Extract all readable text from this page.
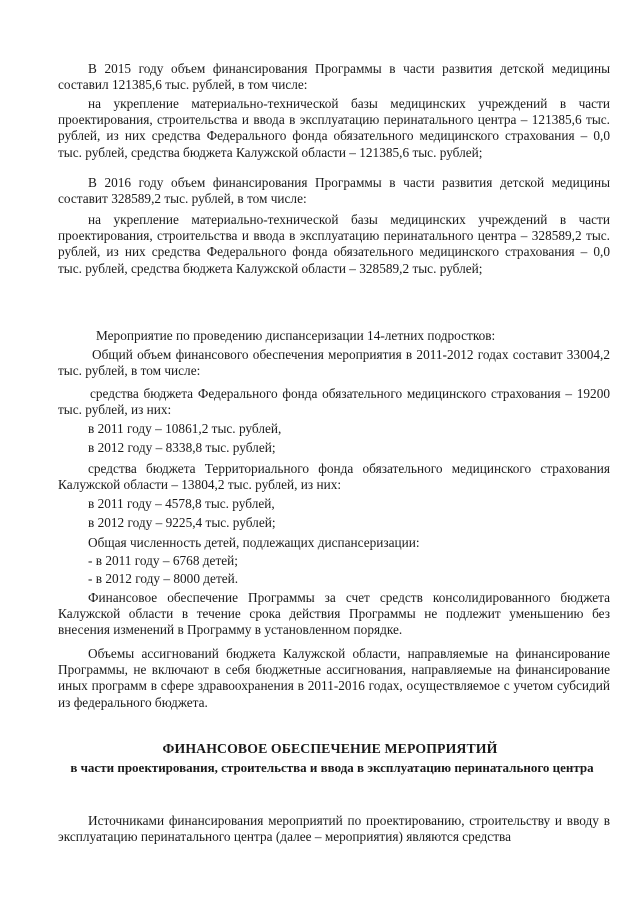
В 2015 году объем финансирования Программы в части развития детской медицины составил 121385,6 тыс. рублей, в том числе:

на укрепление материально-технической базы медицинских учреждений в части проектирования, строительства и ввода в эксплуатацию перинатального центра – 121385,6 тыс. рублей, из них средства Федерального фонда обязательного медицинского страхования – 0,0 тыс. рублей, средства бюджета Калужской области – 121385,6 тыс. рублей;

В 2016 году объем финансирования Программы в части развития детской медицины составит 328589,2 тыс. рублей, в том числе:

на укрепление материально-технической базы медицинских учреждений в части проектирования, строительства и ввода в эксплуатацию перинатального центра – 328589,2 тыс. рублей, из них средства Федерального фонда обязательного медицинского страхования – 0,0 тыс. рублей, средства бюджета Калужской области – 328589,2 тыс. рублей;

Мероприятие по проведению диспансеризации 14-летних подростков:

Общий объем финансового обеспечения мероприятия в 2011-2012 годах составит 33004,2 тыс. рублей, в том числе:

средства бюджета Федерального фонда обязательного медицинского страхования – 19200 тыс. рублей, из них:

в 2011 году – 10861,2 тыс. рублей,

в 2012 году – 8338,8 тыс. рублей;

средства бюджета Территориального фонда обязательного медицинского страхования Калужской области – 13804,2 тыс. рублей, из них:

в 2011 году – 4578,8 тыс. рублей,

в 2012 году – 9225,4 тыс. рублей;

Общая численность детей, подлежащих диспансеризации:

- в 2011 году – 6768 детей;

- в 2012 году – 8000 детей.

Финансовое обеспечение Программы за счет средств консолидированного бюджета Калужской области в течение срока действия Программы не подлежит уменьшению без внесения изменений в Программу в установленном порядке.

Объемы ассигнований бюджета Калужской области, направляемые на финансирование Программы, не включают в себя бюджетные ассигнования, направляемые на финансирование иных программ в сфере здравоохранения в 2011-2016 годах, осуществляемое с учетом субсидий из федерального бюджета.

ФИНАНСОВОЕ ОБЕСПЕЧЕНИЕ МЕРОПРИЯТИЙ

в части проектирования, строительства и ввода в эксплуатацию перинатального центра

Источниками финансирования мероприятий по проектированию, строительству и вводу в эксплуатацию перинатального центра (далее – мероприятия) являются средства
